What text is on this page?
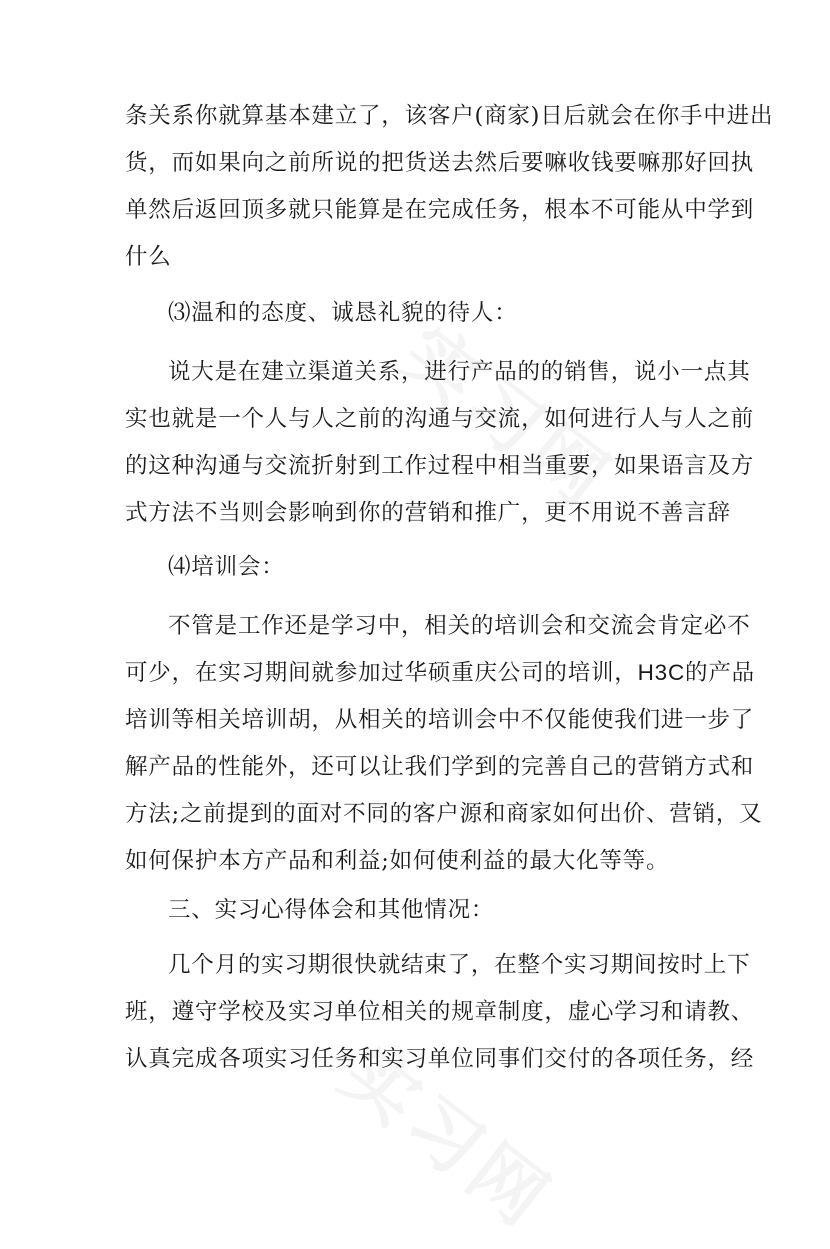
条关系你就算基本建立了，该客户(商家)日后就会在你手中进出
货，而如果向之前所说的把货送去然后要嘛收钱要嘛那好回执
单然后返回顶多就只能算是在完成任务，根本不可能从中学到
什么
⑶温和的态度、诚恳礼貌的待人：
说大是在建立渠道关系，进行产品的的销售，说小一点其
实也就是一个人与人之前的沟通与交流，如何进行人与人之前
的这种沟通与交流折射到工作过程中相当重要，如果语言及方
式方法不当则会影响到你的营销和推广，更不用说不善言辞
⑷培训会：
不管是工作还是学习中，相关的培训会和交流会肯定必不
可少，在实习期间就参加过华硕重庆公司的培训，H3C的产品
培训等相关培训胡，从相关的培训会中不仅能使我们进一步了
解产品的性能外，还可以让我们学到的完善自己的营销方式和
方法;之前提到的面对不同的客户源和商家如何出价、营销，又
如何保护本方产品和利益;如何使利益的最大化等等。
三、实习心得体会和其他情况：
几个月的实习期很快就结束了，在整个实习期间按时上下
班，遵守学校及实习单位相关的规章制度，虚心学习和请教、
认真完成各项实习任务和实习单位同事们交付的各项任务，经
